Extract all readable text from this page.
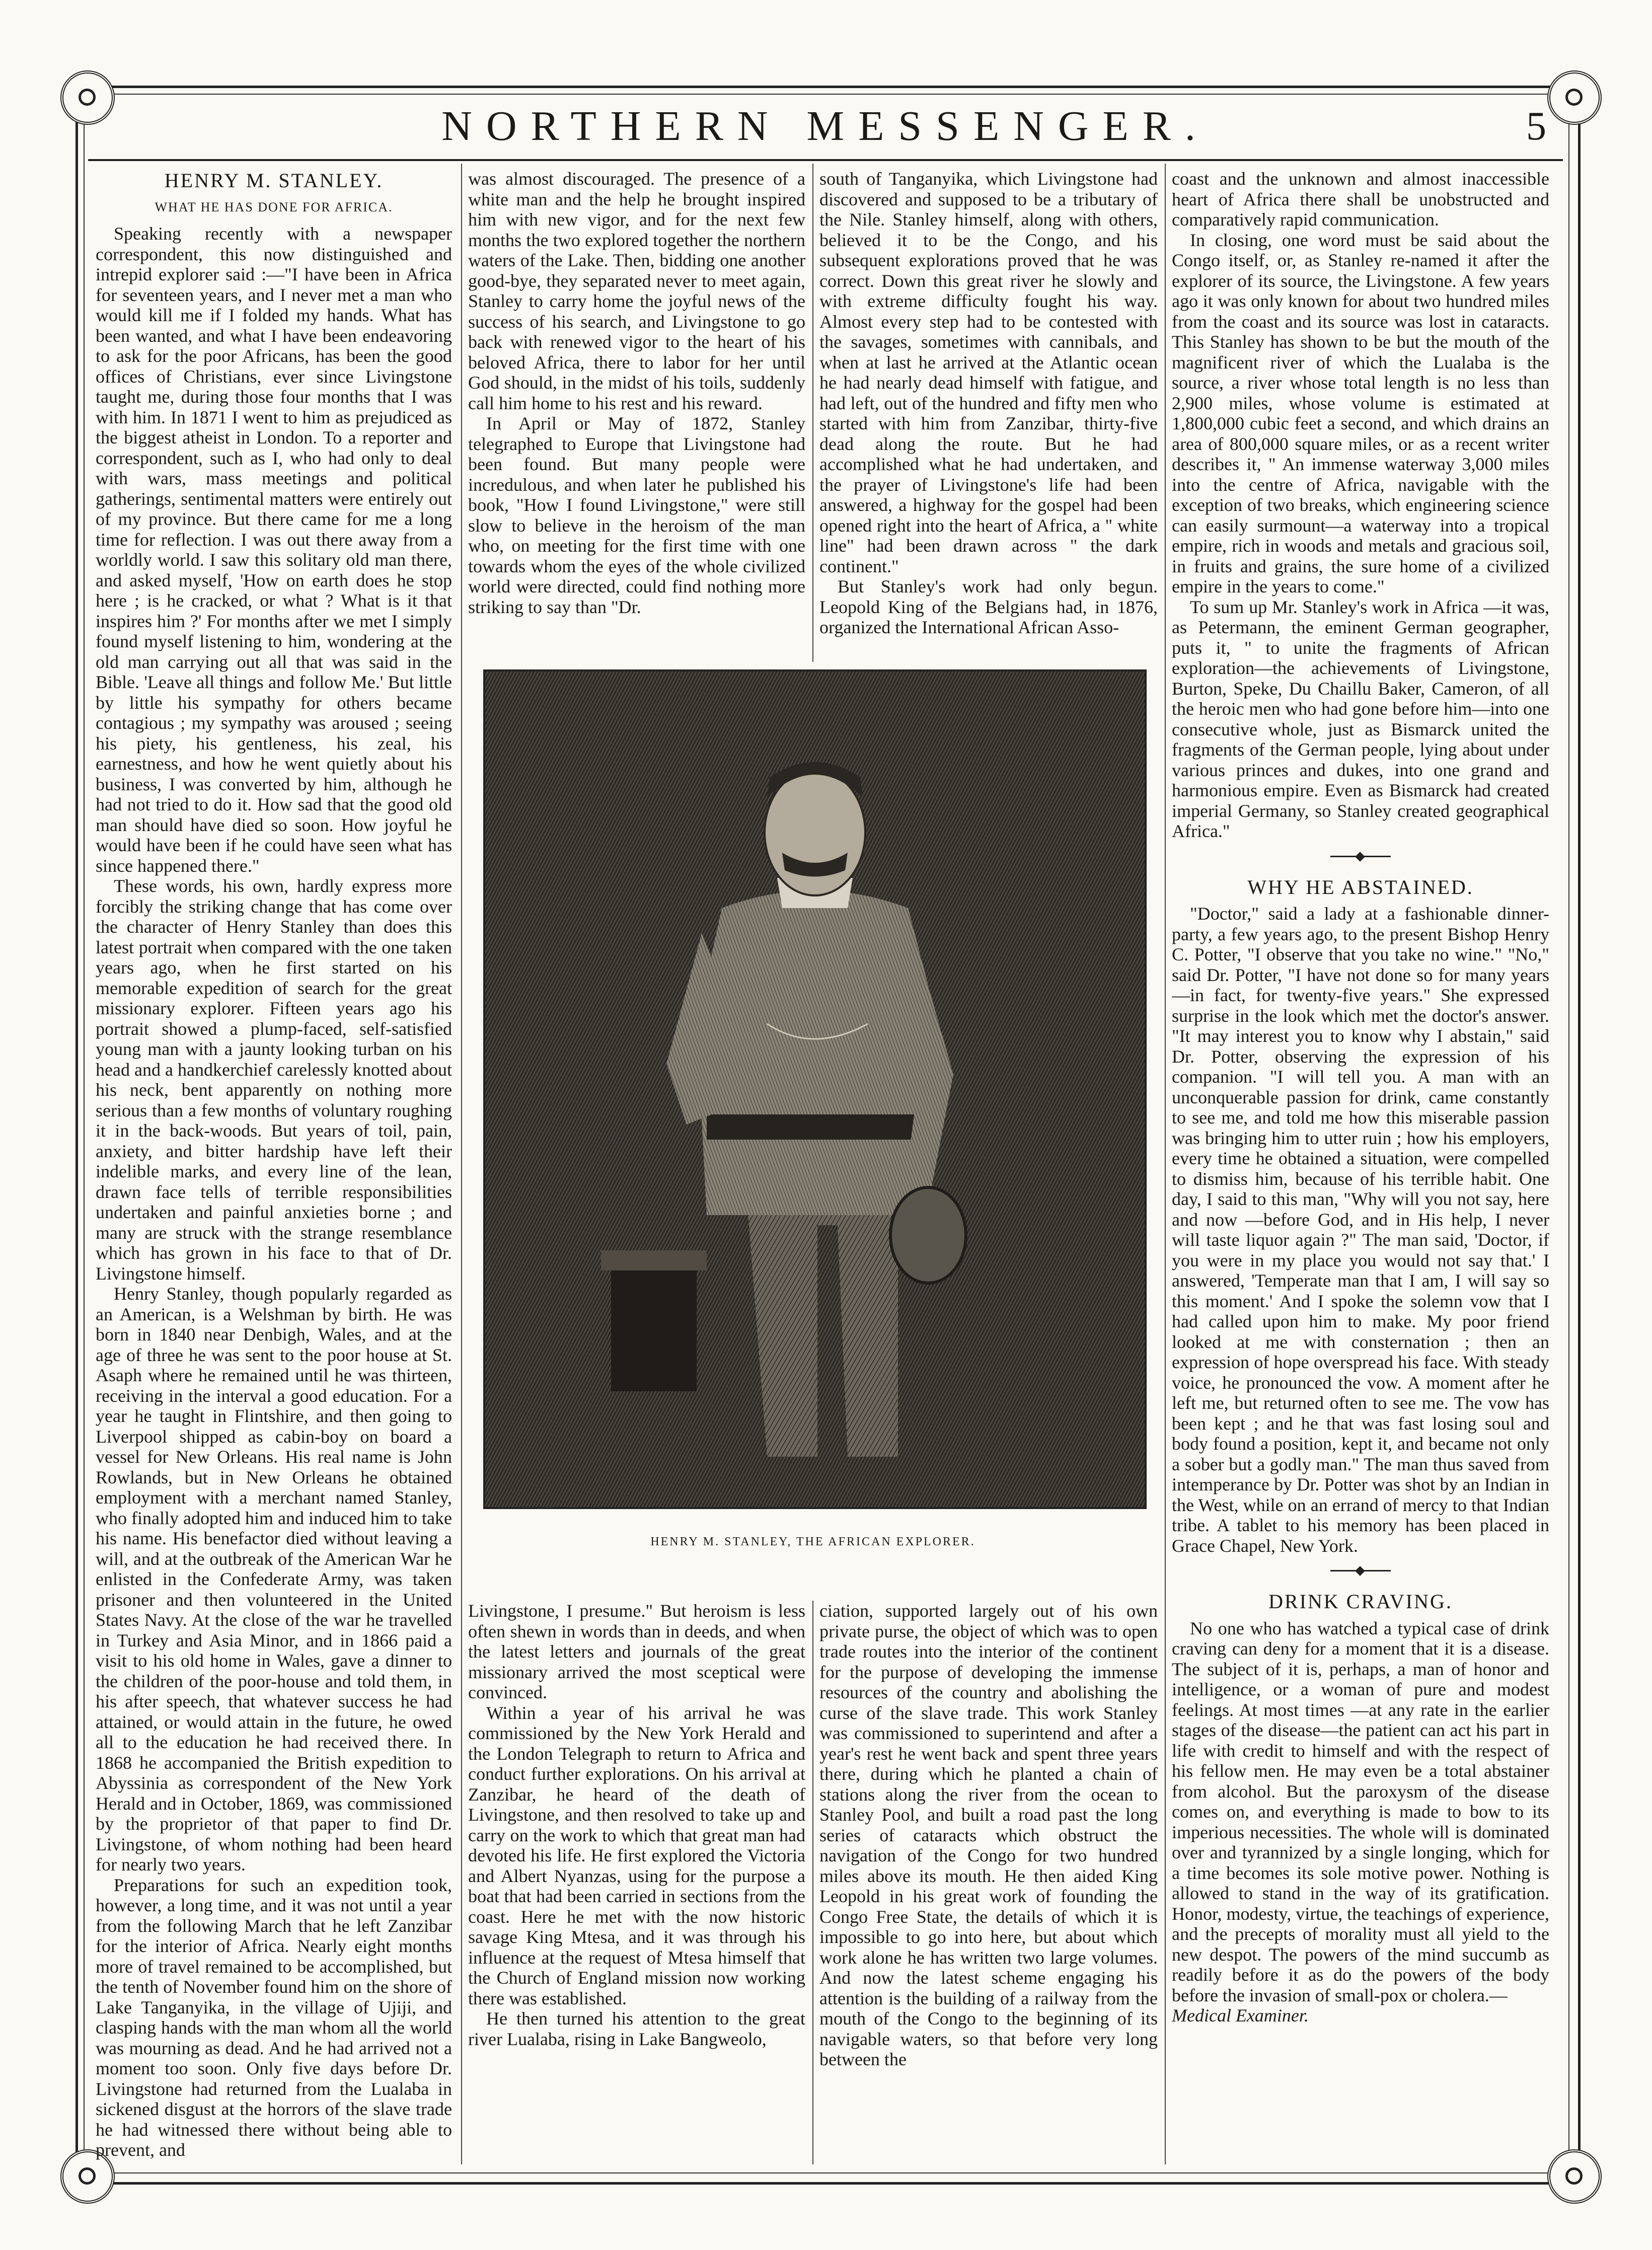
NORTHERN MESSENGER.	5
HENRY M. STANLEY.
WHAT HE HAS DONE FOR AFRICA.

Speaking recently with a newspaper correspondent, this now distinguished and intrepid explorer said :—"I have been in Africa for seventeen years, and I never met a man who would kill me if I folded my hands. What has been wanted, and what I have been endeavoring to ask for the poor Africans, has been the good offices of Christians, ever since Livingstone taught me, during those four months that I was with him. In 1871 I went to him as prejudiced as the biggest atheist in London. To a reporter and correspondent, such as I, who had only to deal with wars, mass meetings and political gatherings, sentimental matters were entirely out of my province. But there came for me a long time for reflection. I was out there away from a worldly world. I saw this solitary old man there, and asked myself, 'How on earth does he stop here ; is he cracked, or what ? What is it that inspires him ?' For months after we met I simply found myself listening to him, wondering at the old man carrying out all that was said in the Bible. 'Leave all things and follow Me.' But little by little his sympathy for others became contagious ; my sympathy was aroused ; seeing his piety, his gentleness, his zeal, his earnestness, and how he went quietly about his business, I was converted by him, although he had not tried to do it. How sad that the good old man should have died so soon. How joyful he would have been if he could have seen what has since happened there."

These words, his own, hardly express more forcibly the striking change that has come over the character of Henry Stanley than does this latest portrait when compared with the one taken years ago, when he first started on his memorable expedition of search for the great missionary explorer. Fifteen years ago his portrait showed a plump-faced, self-satisfied young man with a jaunty looking turban on his head and a handkerchief carelessly knotted about his neck, bent apparently on nothing more serious than a few months of voluntary roughing it in the back-woods. But years of toil, pain, anxiety, and bitter hardship have left their indelible marks, and every line of the lean, drawn face tells of terrible responsibilities undertaken and painful anxieties borne ; and many are struck with the strange resemblance which has grown in his face to that of Dr. Livingstone himself.

Henry Stanley, though popularly regarded as an American, is a Welshman by birth. He was born in 1840 near Denbigh, Wales, and at the age of three he was sent to the poor house at St. Asaph where he remained until he was thirteen, receiving in the interval a good education. For a year he taught in Flintshire, and then going to Liverpool shipped as cabin-boy on board a vessel for New Orleans. His real name is John Rowlands, but in New Orleans he obtained employment with a merchant named Stanley, who finally adopted him and induced him to take his name. His benefactor died without leaving a will, and at the outbreak of the American War he enlisted in the Confederate Army, was taken prisoner and then volunteered in the United States Navy. At the close of the war he travelled in Turkey and Asia Minor, and in 1866 paid a visit to his old home in Wales, gave a dinner to the children of the poor-house and told them, in his after speech, that whatever success he had attained, or would attain in the future, he owed all to the education he had received there. In 1868 he accompanied the British expedition to Abyssinia as correspondent of the New York Herald and in October, 1869, was commissioned by the proprietor of that paper to find Dr. Livingstone, of whom nothing had been heard for nearly two years.

Preparations for such an expedition took, however, a long time, and it was not until a year from the following March that he left Zanzibar for the interior of Africa. Nearly eight months more of travel remained to be accomplished, but the tenth of November found him on the shore of Lake Tanganyika, in the village of Ujiji, and clasping hands with the man whom all the world was mourning as dead. And he had arrived not a moment too soon. Only five days before Dr. Livingstone had returned from the Lualaba in sickened disgust at the horrors of the slave trade he had witnessed there without being able to prevent, and

was almost discouraged. The presence of a white man and the help he brought inspired him with new vigor, and for the next few months the two explored together the northern waters of the Lake. Then, bidding one another good-bye, they separated never to meet again, Stanley to carry home the joyful news of the success of his search, and Livingstone to go back with renewed vigor to the heart of his beloved Africa, there to labor for her until God should, in the midst of his toils, suddenly call him home to his rest and his reward.

In April or May of 1872, Stanley telegraphed to Europe that Livingstone had been found. But many people were incredulous, and when later he published his book, "How I found Livingstone," were still slow to believe in the heroism of the man who, on meeting for the first time with one towards whom the eyes of the whole civilized world were directed, could find nothing more striking to say than "Dr.

south of Tanganyika, which Livingstone had discovered and supposed to be a tributary of the Nile. Stanley himself, along with others, believed it to be the Congo, and his subsequent explorations proved that he was correct. Down this great river he slowly and with extreme difficulty fought his way. Almost every step had to be contested with the savages, sometimes with cannibals, and when at last he arrived at the Atlantic ocean he had nearly dead himself with fatigue, and had left, out of the hundred and fifty men who started with him from Zanzibar, thirty-five dead along the route. But he had accomplished what he had undertaken, and the prayer of Livingstone's life had been answered, a highway for the gospel had been opened right into the heart of Africa, a " white line" had been drawn across " the dark continent."

But Stanley's work had only begun. Leopold King of the Belgians had, in 1876, organized the International African Asso-

HENRY M. STANLEY, THE AFRICAN EXPLORER.

Livingstone, I presume." But heroism is less often shewn in words than in deeds, and when the latest letters and journals of the great missionary arrived the most sceptical were convinced.

Within a year of his arrival he was commissioned by the New York Herald and the London Telegraph to return to Africa and conduct further explorations. On his arrival at Zanzibar, he heard of the death of Livingstone, and then resolved to take up and carry on the work to which that great man had devoted his life. He first explored the Victoria and Albert Nyanzas, using for the purpose a boat that had been carried in sections from the coast. Here he met with the now historic savage King Mtesa, and it was through his influence at the request of Mtesa himself that the Church of England mission now working there was established.

He then turned his attention to the great river Lualaba, rising in Lake Bangweolo,

ciation, supported largely out of his own private purse, the object of which was to open trade routes into the interior of the continent for the purpose of developing the immense resources of the country and abolishing the curse of the slave trade. This work Stanley was commissioned to superintend and after a year's rest he went back and spent three years there, during which he planted a chain of stations along the river from the ocean to Stanley Pool, and built a road past the long series of cataracts which obstruct the navigation of the Congo for two hundred miles above its mouth. He then aided King Leopold in his great work of founding the Congo Free State, the details of which it is impossible to go into here, but about which work alone he has written two large volumes. And now the latest scheme engaging his attention is the building of a railway from the mouth of the Congo to the beginning of its navigable waters, so that before very long between the

coast and the unknown and almost inaccessible heart of Africa there shall be unobstructed and comparatively rapid communication.

In closing, one word must be said about the Congo itself, or, as Stanley re-named it after the explorer of its source, the Livingstone. A few years ago it was only known for about two hundred miles from the coast and its source was lost in cataracts. This Stanley has shown to be but the mouth of the magnificent river of which the Lualaba is the source, a river whose total length is no less than 2,900 miles, whose volume is estimated at 1,800,000 cubic feet a second, and which drains an area of 800,000 square miles, or as a recent writer describes it, " An immense waterway 3,000 miles into the centre of Africa, navigable with the exception of two breaks, which engineering science can easily surmount—a waterway into a tropical empire, rich in woods and metals and gracious soil, in fruits and grains, the sure home of a civilized empire in the years to come."

To sum up Mr. Stanley's work in Africa —it was, as Petermann, the eminent German geographer, puts it, " to unite the fragments of African exploration—the achievements of Livingstone, Burton, Speke, Du Chaillu Baker, Cameron, of all the heroic men who had gone before him—into one consecutive whole, just as Bismarck united the fragments of the German people, lying about under various princes and dukes, into one grand and harmonious empire. Even as Bismarck had created imperial Germany, so Stanley created geographical Africa."

WHY HE ABSTAINED.

"Doctor," said a lady at a fashionable dinner-party, a few years ago, to the present Bishop Henry C. Potter, "I observe that you take no wine." "No," said Dr. Potter, "I have not done so for many years—in fact, for twenty-five years." She expressed surprise in the look which met the doctor's answer. "It may interest you to know why I abstain," said Dr. Potter, observing the expression of his companion. "I will tell you. A man with an unconquerable passion for drink, came constantly to see me, and told me how this miserable passion was bringing him to utter ruin ; how his employers, every time he obtained a situation, were compelled to dismiss him, because of his terrible habit. One day, I said to this man, "Why will you not say, here and now —before God, and in His help, I never will taste liquor again ?" The man said, 'Doctor, if you were in my place you would not say that.' I answered, 'Temperate man that I am, I will say so this moment.' And I spoke the solemn vow that I had called upon him to make. My poor friend looked at me with consternation ; then an expression of hope overspread his face. With steady voice, he pronounced the vow. A moment after he left me, but returned often to see me. The vow has been kept ; and he that was fast losing soul and body found a position, kept it, and became not only a sober but a godly man." The man thus saved from intemperance by Dr. Potter was shot by an Indian in the West, while on an errand of mercy to that Indian tribe. A tablet to his memory has been placed in Grace Chapel, New York.

DRINK CRAVING.

No one who has watched a typical case of drink craving can deny for a moment that it is a disease. The subject of it is, perhaps, a man of honor and intelligence, or a woman of pure and modest feelings. At most times —at any rate in the earlier stages of the disease—the patient can act his part in life with credit to himself and with the respect of his fellow men. He may even be a total abstainer from alcohol. But the paroxysm of the disease comes on, and everything is made to bow to its imperious necessities. The whole will is dominated over and tyrannized by a single longing, which for a time becomes its sole motive power. Nothing is allowed to stand in the way of its gratification. Honor, modesty, virtue, the teachings of experience, and the precepts of morality must all yield to the new despot. The powers of the mind succumb as readily before it as do the powers of the body before the invasion of small-pox or cholera.—

Medical Examiner.
